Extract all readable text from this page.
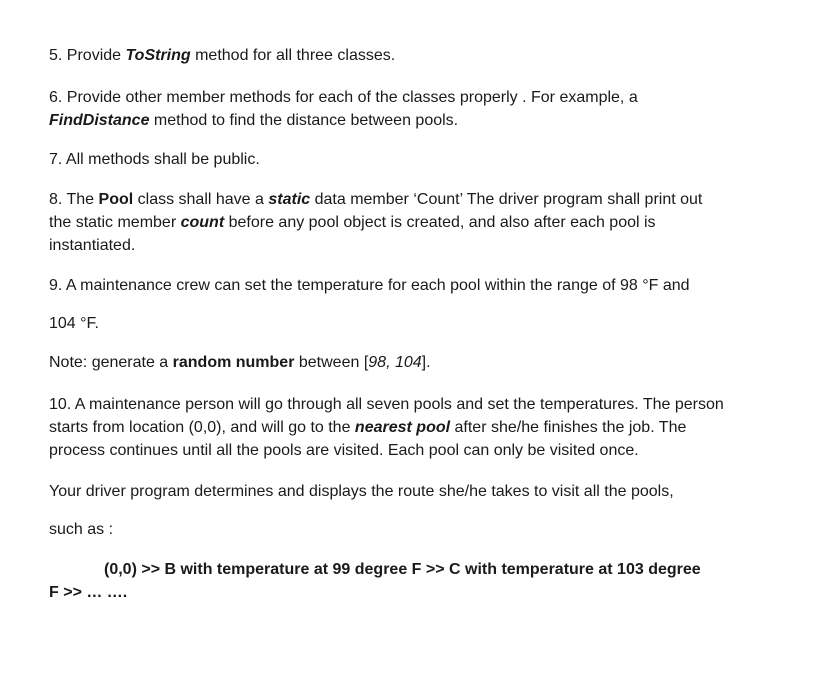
5. Provide ToString method for all three classes.

6. Provide other member methods for each of the classes properly . For example, a

FindDistance method to find the distance between pools.

7. All methods shall be public.

8. The Pool class shall have a static data member ‘Count’ The driver program shall print out

the static member count before any pool object is created, and also after each pool is

instantiated.

9. A maintenance crew can set the temperature for each pool within the range of 98 °F and

104 °F.

Note: generate a random number between [98, 104].

10. A maintenance person will go through all seven pools and set the temperatures. The person

starts from location (0,0), and will go to the nearest pool after she/he finishes the job. The

process continues until all the pools are visited. Each pool can only be visited once.

Your driver program determines and displays the route she/he takes to visit all the pools,

such as :

(0,0) >> B with temperature at 99 degree F >> C with temperature at 103 degree

F >> … ….
